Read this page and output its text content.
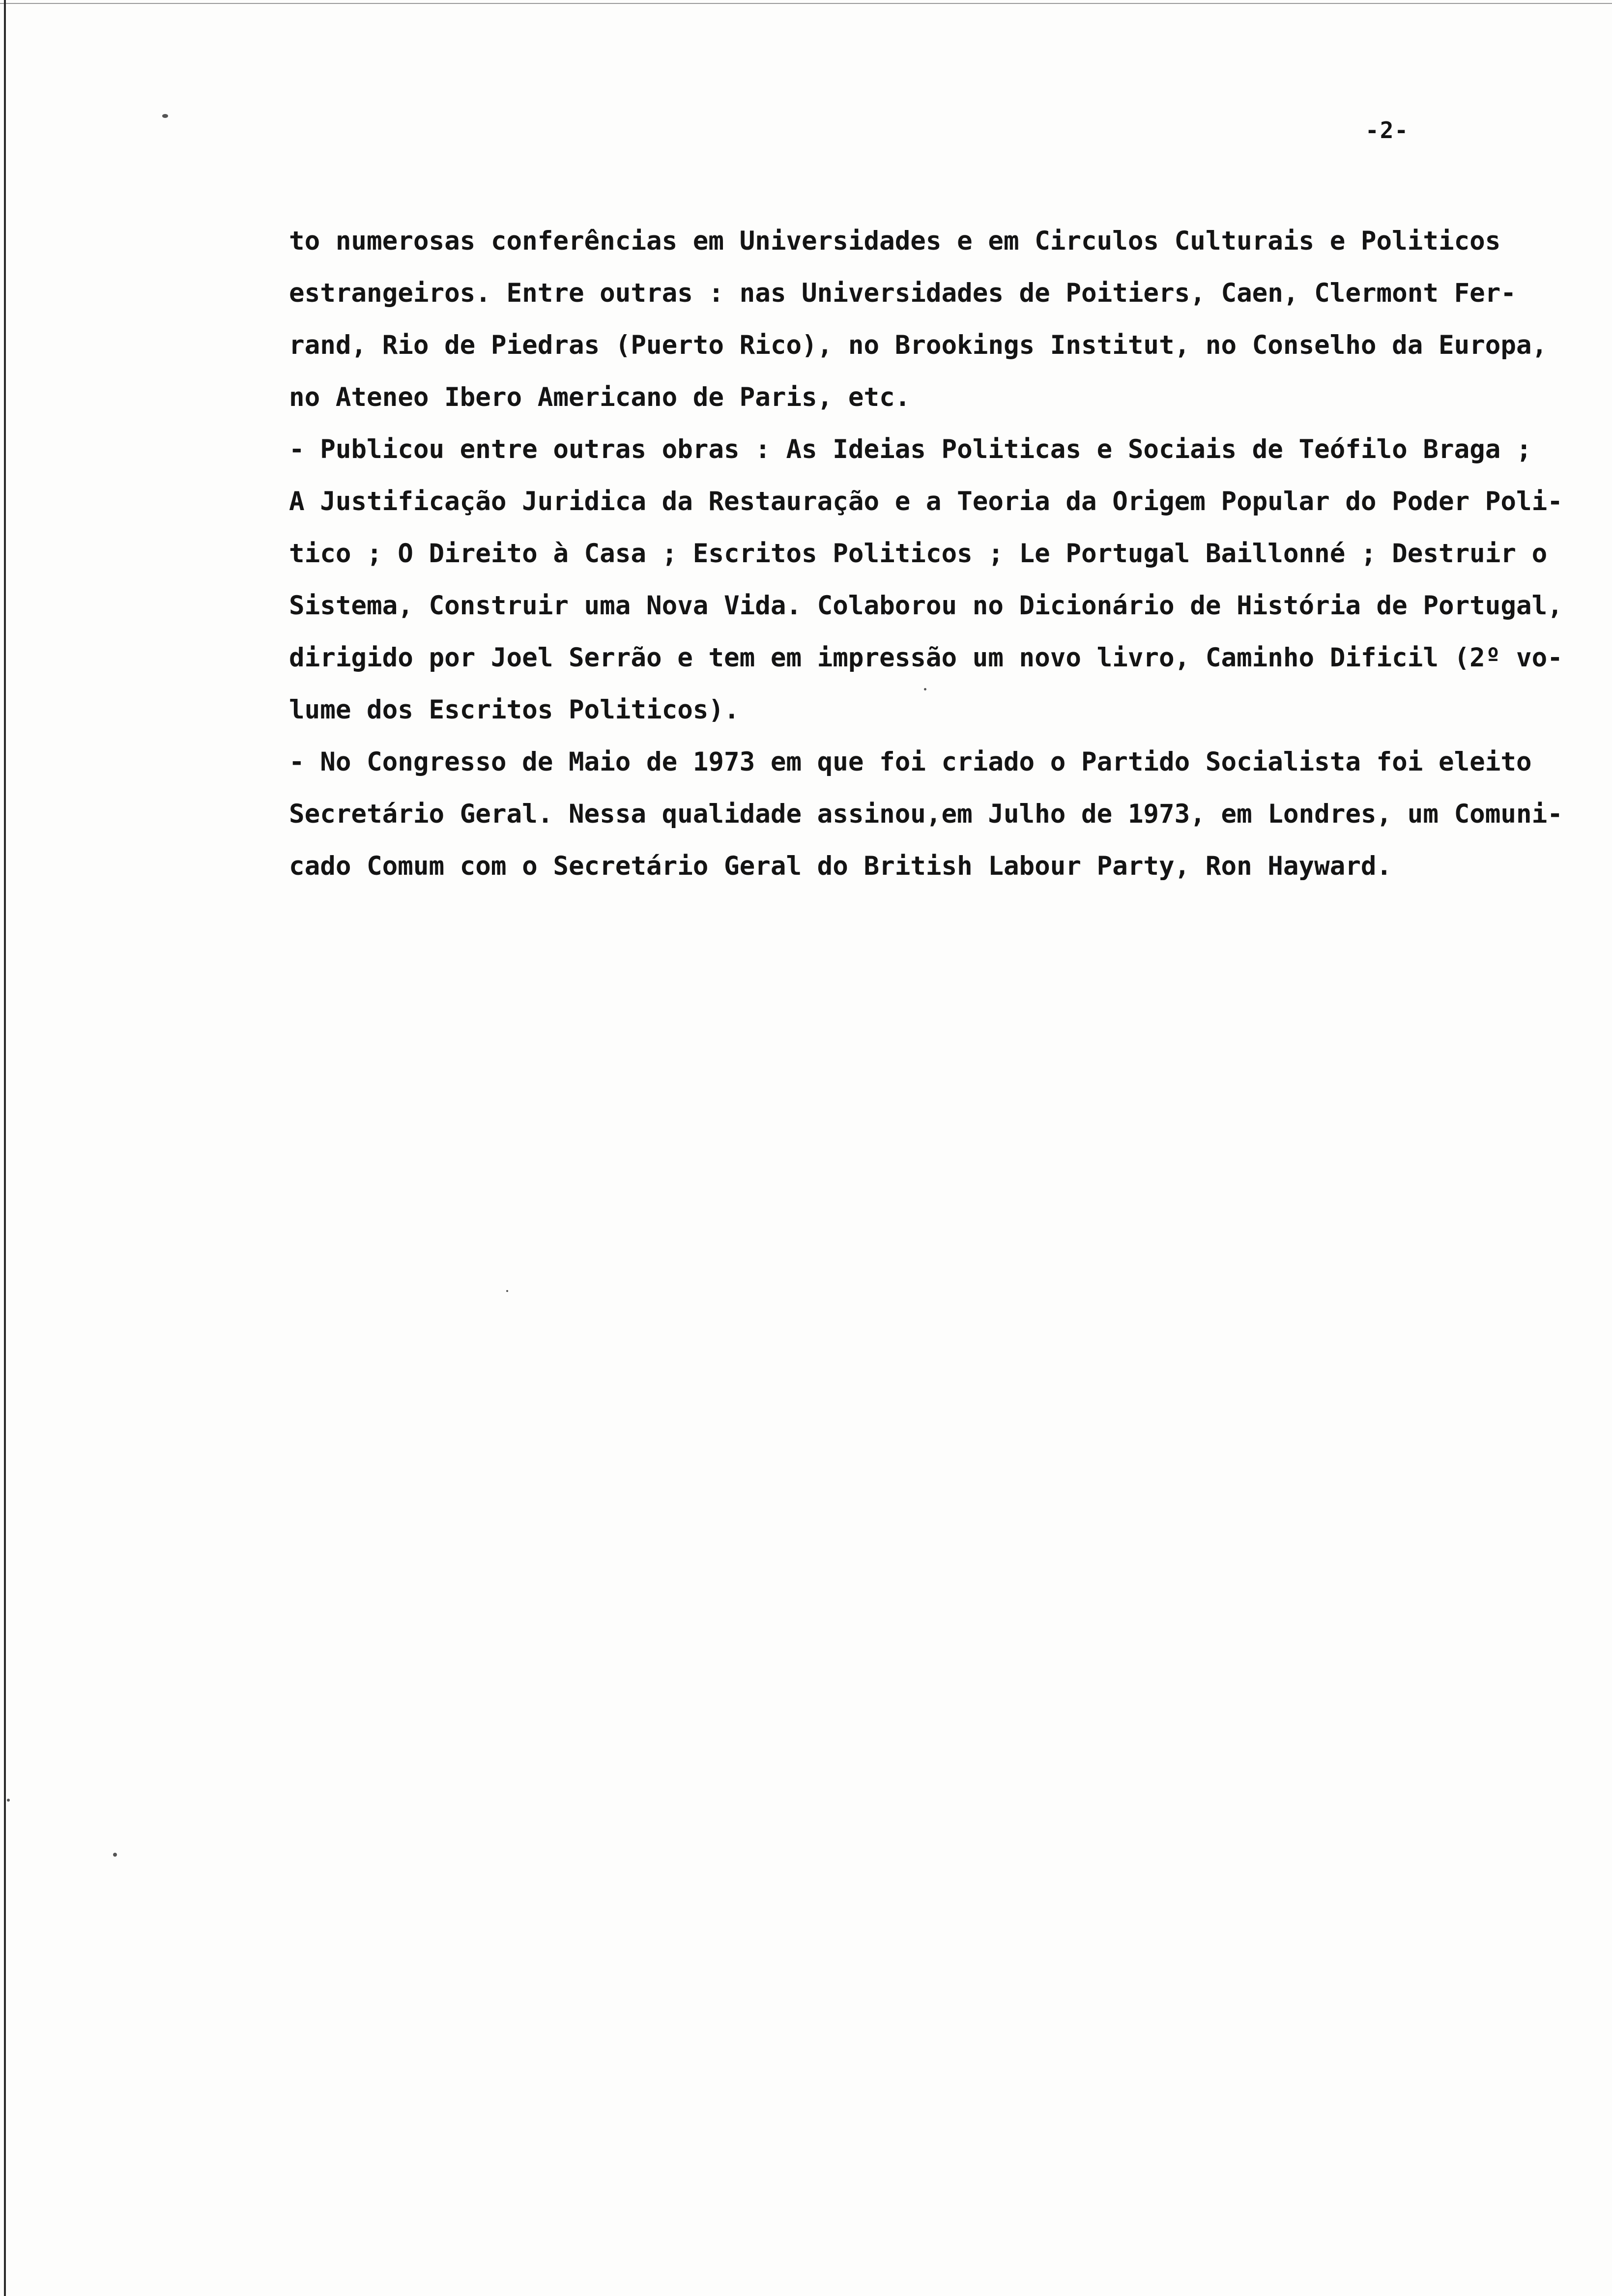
-2-
to numerosas conferências em Universidades e em Circulos Culturais e Politicos
estrangeiros. Entre outras : nas Universidades de Poitiers, Caen, Clermont Fer-
rand, Rio de Piedras (Puerto Rico), no Brookings Institut, no Conselho da Europa,
no Ateneo Ibero Americano de Paris, etc.
- Publicou entre outras obras : As Ideias Politicas e Sociais de Teófilo Braga ;
A Justificação Juridica da Restauração e a Teoria da Origem Popular do Poder Poli-
tico ; O Direito à Casa ; Escritos Politicos ; Le Portugal Baillonné ; Destruir o
Sistema, Construir uma Nova Vida. Colaborou no Dicionário de História de Portugal,
dirigido por Joel Serrão e tem em impressão um novo livro, Caminho Dificil (2º vo-
lume dos Escritos Politicos).
- No Congresso de Maio de 1973 em que foi criado o Partido Socialista foi eleito
Secretário Geral. Nessa qualidade assinou,em Julho de 1973, em Londres, um Comuni-
cado Comum com o Secretário Geral do British Labour Party, Ron Hayward.
